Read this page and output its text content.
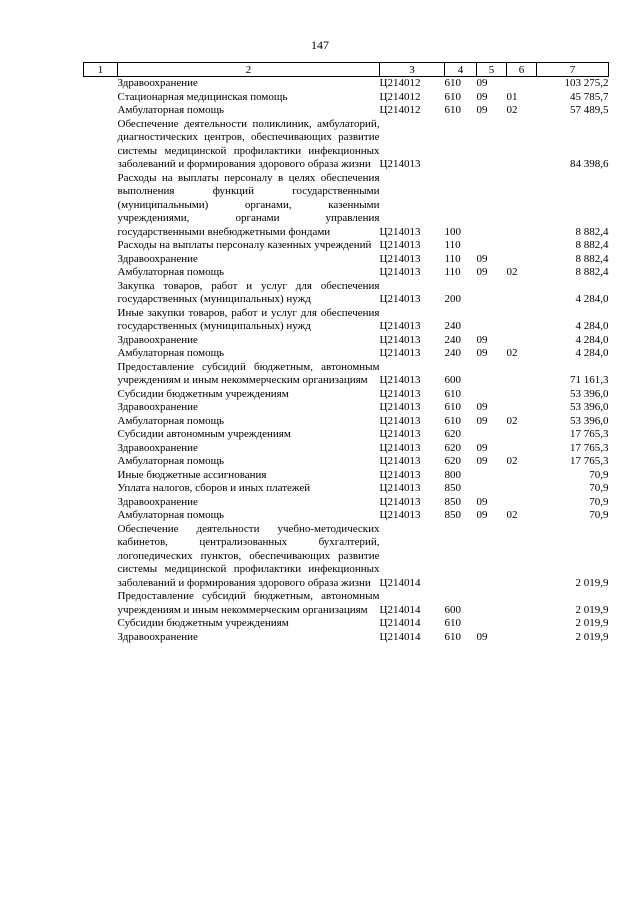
147
1	2	3	4	5	6	7
	Здравоохранение	Ц214012	610	09		103 275,2
	Стационарная медицинская помощь	Ц214012	610	09	01	45 785,7
	Амбулаторная помощь	Ц214012	610	09	02	57 489,5
	Обеспечение деятельности поликлиник, амбулаторий, диагностических центров, обеспечивающих развитие системы медицинской профилактики инфекционных заболеваний и формирования здорового образа жизни	Ц214013				84 398,6
	Расходы на выплаты персоналу в целях обеспечения выполнения функций государственными (муниципальными) органами, казенными учреждениями, органами управления государственными внебюджетными фондами	Ц214013	100			8 882,4
	Расходы на выплаты персоналу казенных учреждений	Ц214013	110			8 882,4
	Здравоохранение	Ц214013	110	09		8 882,4
	Амбулаторная помощь	Ц214013	110	09	02	8 882,4
	Закупка товаров, работ и услуг для обеспечения государственных (муниципальных) нужд	Ц214013	200			4 284,0
	Иные закупки товаров, работ и услуг для обеспечения государственных (муниципальных) нужд	Ц214013	240			4 284,0
	Здравоохранение	Ц214013	240	09		4 284,0
	Амбулаторная помощь	Ц214013	240	09	02	4 284,0
	Предоставление субсидий бюджетным, автономным учреждениям и иным некоммерческим организациям	Ц214013	600			71 161,3
	Субсидии бюджетным учреждениям	Ц214013	610			53 396,0
	Здравоохранение	Ц214013	610	09		53 396,0
	Амбулаторная помощь	Ц214013	610	09	02	53 396,0
	Субсидии автономным учреждениям	Ц214013	620			17 765,3
	Здравоохранение	Ц214013	620	09		17 765,3
	Амбулаторная помощь	Ц214013	620	09	02	17 765,3
	Иные бюджетные ассигнования	Ц214013	800			70,9
	Уплата налогов, сборов и иных платежей	Ц214013	850			70,9
	Здравоохранение	Ц214013	850	09		70,9
	Амбулаторная помощь	Ц214013	850	09	02	70,9
	Обеспечение деятельности учебно-методических кабинетов, централизованных бухгалтерий, логопедических пунктов, обеспечивающих развитие системы медицинской профилактики инфекционных заболеваний и формирования здорового образа жизни	Ц214014				2 019,9
	Предоставление субсидий бюджетным, автономным учреждениям и иным некоммерческим организациям	Ц214014	600			2 019,9
	Субсидии бюджетным учреждениям	Ц214014	610			2 019,9
	Здравоохранение	Ц214014	610	09		2 019,9
